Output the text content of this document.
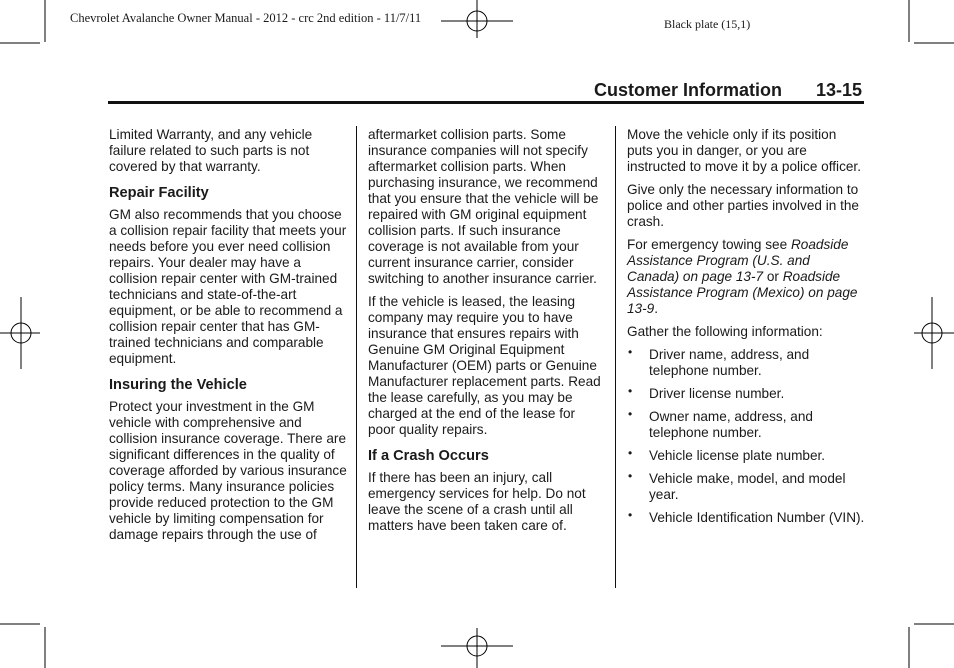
Chevrolet Avalanche Owner Manual - 2012 - crc 2nd edition - 11/7/11	Black plate (15,1)
Customer Information 13-15

Limited Warranty, and any vehicle failure related to such parts is not covered by that warranty.

Repair Facility

GM also recommends that you choose a collision repair facility that meets your needs before you ever need collision repairs. Your dealer may have a collision repair center with GM-trained technicians and state-of-the-art equipment, or be able to recommend a collision repair center that has GM-trained technicians and comparable equipment.

Insuring the Vehicle

Protect your investment in the GM vehicle with comprehensive and collision insurance coverage. There are significant differences in the quality of coverage afforded by various insurance policy terms. Many insurance policies provide reduced protection to the GM vehicle by limiting compensation for damage repairs through the use of

aftermarket collision parts. Some insurance companies will not specify aftermarket collision parts. When purchasing insurance, we recommend that you ensure that the vehicle will be repaired with GM original equipment collision parts. If such insurance coverage is not available from your current insurance carrier, consider switching to another insurance carrier.

If the vehicle is leased, the leasing company may require you to have insurance that ensures repairs with Genuine GM Original Equipment Manufacturer (OEM) parts or Genuine Manufacturer replacement parts. Read the lease carefully, as you may be charged at the end of the lease for poor quality repairs.

If a Crash Occurs

If there has been an injury, call emergency services for help. Do not leave the scene of a crash until all matters have been taken care of.

Move the vehicle only if its position puts you in danger, or you are instructed to move it by a police officer.

Give only the necessary information to police and other parties involved in the crash.

For emergency towing see Roadside Assistance Program (U.S. and Canada) on page 13-7 or Roadside Assistance Program (Mexico) on page 13-9.

Gather the following information:

• Driver name, address, and telephone number.
• Driver license number.
• Owner name, address, and telephone number.
• Vehicle license plate number.
• Vehicle make, model, and model year.
• Vehicle Identification Number (VIN).
